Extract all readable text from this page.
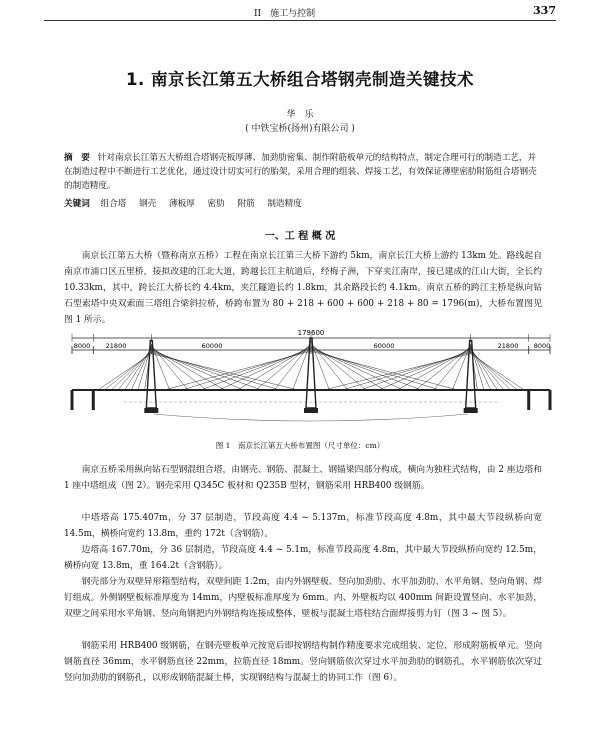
II　施工与控制	337
1. 南京长江第五大桥组合塔钢壳制造关键技术
华　乐
( 中铁宝桥(扬州)有限公司 )
摘　要 针对南京长江第五大桥组合塔钢壳板厚薄、加劲肋密集、制作附筋板单元的结构特点，制定合理可行的制造工艺，并在制造过程中不断进行工艺优化，通过设计切实可行的胎架，采用合理的组装、焊接工艺，有效保证薄壁密肋附筋组合塔钢壳的制造精度。
关键词 组合塔 钢壳 薄板厚 密肋 附筋 制造精度
一、工 程 概 况

南京长江第五大桥（暨称南京五桥）工程在南京长江第三大桥下游约 5km，南京长江大桥上游约 13km 处。路线起自南京市浦口区五里桥，接拟改建的江北大道，跨越长江主航道后，经梅子洲，下穿夹江南岸，接已建成的江山大街，全长约 10.33km，其中，跨长江大桥长约 4.4km，夹江隧道长约 1.8km，其余路段长约 4.1km。南京五桥的跨江主桥是纵向钻石型索塔中央双索面三塔组合梁斜拉桥，桥跨布置为 80 + 218 + 600 + 600 + 218 + 80 = 1796(m)，大桥布置图见图 1 所示。

179600
8000 21800	60000	60000	21800 8000
图 1　南京长江第五大桥布置图（尺寸单位：cm）

南京五桥采用纵向钻石型钢混组合塔，由钢壳、钢筋、混凝土、钢锚梁四部分构成，横向为独柱式结构，由 2 座边塔和 1 座中塔组成（图 2）。钢壳采用 Q345C 板材和 Q235B 型材，钢筋采用 HRB400 级钢筋。

中塔塔高 175.407m，分 37 层制造，节段高度 4.4 ~ 5.137m，标准节段高度 4.8m，其中最大节段纵桥向宽 14.5m，横桥向宽约 13.8m，重约 172t（含钢筋）。

边塔高 167.70m，分 36 层制造，节段高度 4.4 ~ 5.1m，标准节段高度 4.8m，其中最大节段纵桥向宽约 12.5m，横桥向宽 13.8m，重 164.2t（含钢筋）。

钢壳部分为双壁异形箱型结构，双壁间距 1.2m，由内外钢壁板、竖向加劲肋、水平加劲肋、水平角钢、竖向角钢、焊钉组成。外侧钢壁板标准厚度为 14mm，内壁板标准厚度为 6mm。内、外壁板均以 400mm 间距设置竖向、水平加劲，双壁之间采用水平角钢、竖向角钢把内外钢结构连接成整体，壁板与混凝土塔柱结合面焊接剪力钉（图 3 ~ 图 5）。

钢筋采用 HRB400 级钢筋，在钢壳壁板单元按宽后即按钢结构制作精度要求完成组装、定位，形成附筋板单元。竖向钢筋直径 36mm，水平钢筋直径 22mm，拉筋直径 18mm。竖向钢筋依次穿过水平加劲肋的钢筋孔，水平钢筋依次穿过竖向加劲肋的钢筋孔，以形成钢筋混凝土棒，实现钢结构与混凝土的协同工作（图 6）。
